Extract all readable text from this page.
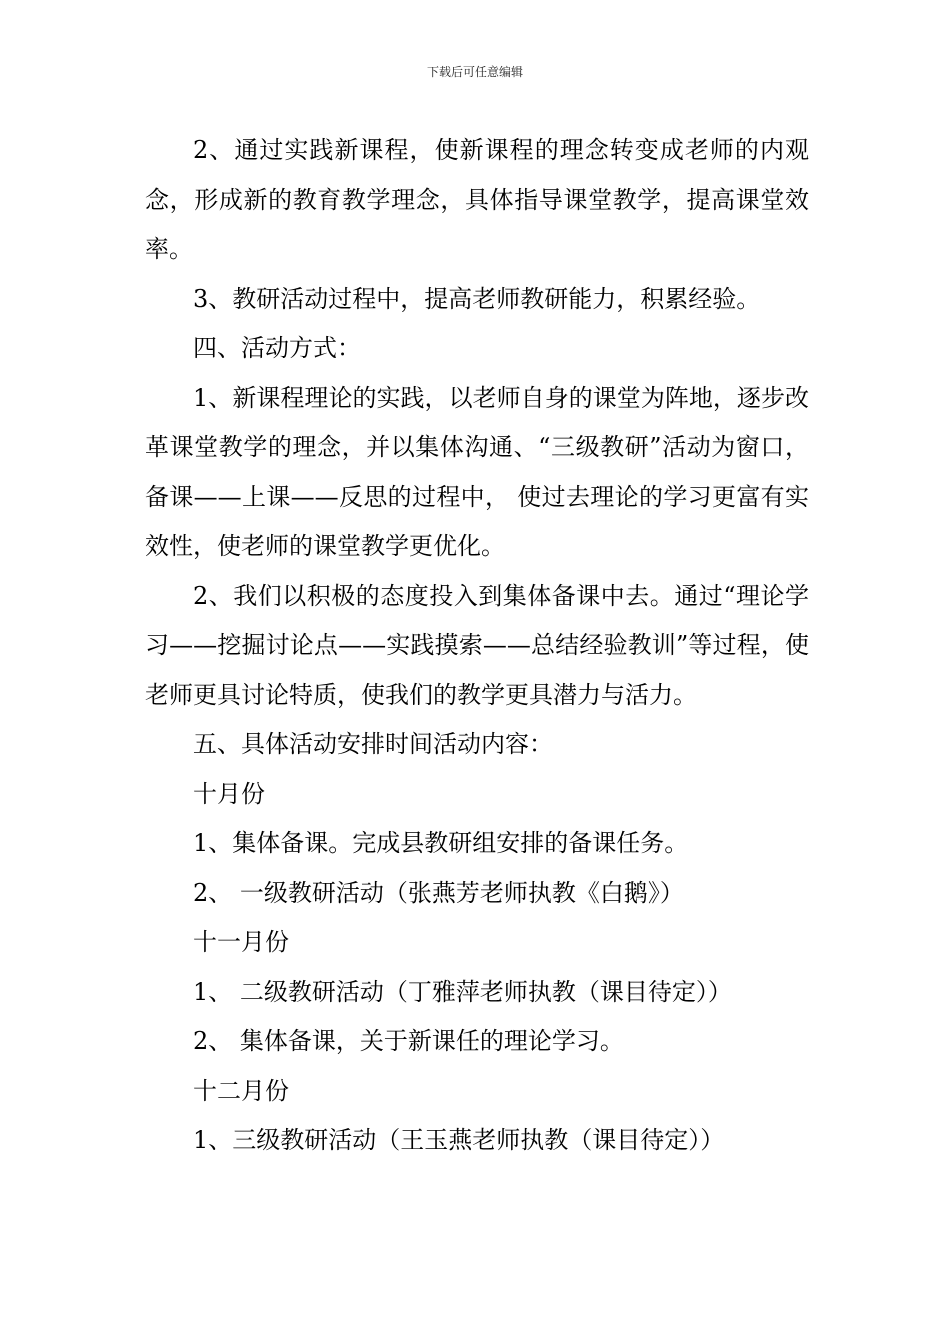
下载后可任意编辑

2、通过实践新课程，使新课程的理念转变成老师的内观念，形成新的教育教学理念，具体指导课堂教学，提高课堂效率。

3、教研活动过程中，提高老师教研能力，积累经验。

四、活动方式：

1、新课程理论的实践，以老师自身的课堂为阵地，逐步改革课堂教学的理念，并以集体沟通、“三级教研”活动为窗口，备课——上课——反思的过程中， 使过去理论的学习更富有实效性，使老师的课堂教学更优化。

2、我们以积极的态度投入到集体备课中去。通过“理论学习——挖掘讨论点——实践摸索——总结经验教训”等过程，使老师更具讨论特质，使我们的教学更具潜力与活力。

五、具体活动安排时间活动内容：

十月份

1、集体备课。完成县教研组安排的备课任务。

2、 一级教研活动（张燕芳老师执教《白鹅》）

十一月份

1、 二级教研活动（丁雅萍老师执教（课目待定））

2、 集体备课，关于新课任的理论学习。

十二月份

1、三级教研活动（王玉燕老师执教（课目待定））
